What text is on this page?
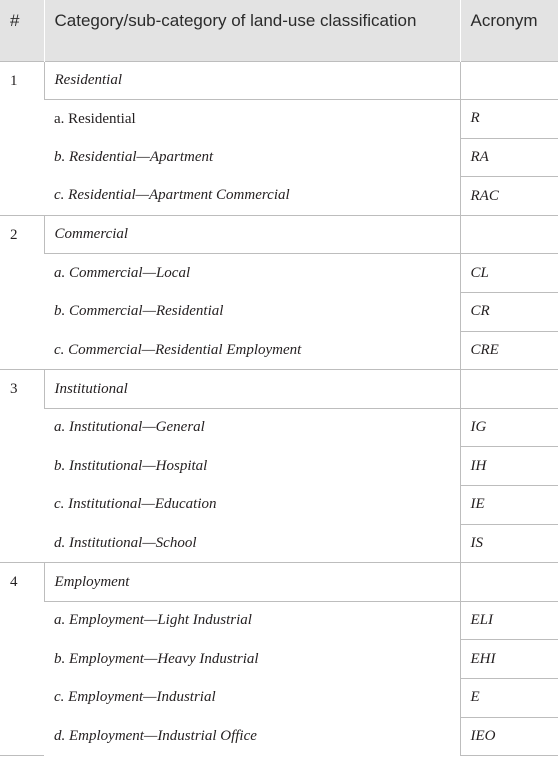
#	Category/sub-category of land-use classification	Acronym
1	Residential	
	a. Residential	R
	b. Residential—Apartment	RA
	c. Residential—Apartment Commercial	RAC
2	Commercial	
	a. Commercial—Local	CL
	b. Commercial—Residential	CR
	c. Commercial—Residential Employment	CRE
3	Institutional	
	a. Institutional—General	IG
	b. Institutional—Hospital	IH
	c. Institutional—Education	IE
	d. Institutional—School	IS
4	Employment	
	a. Employment—Light Industrial	ELI
	b. Employment—Heavy Industrial	EHI
	c. Employment—Industrial	E
	d. Employment—Industrial Office	IEO
